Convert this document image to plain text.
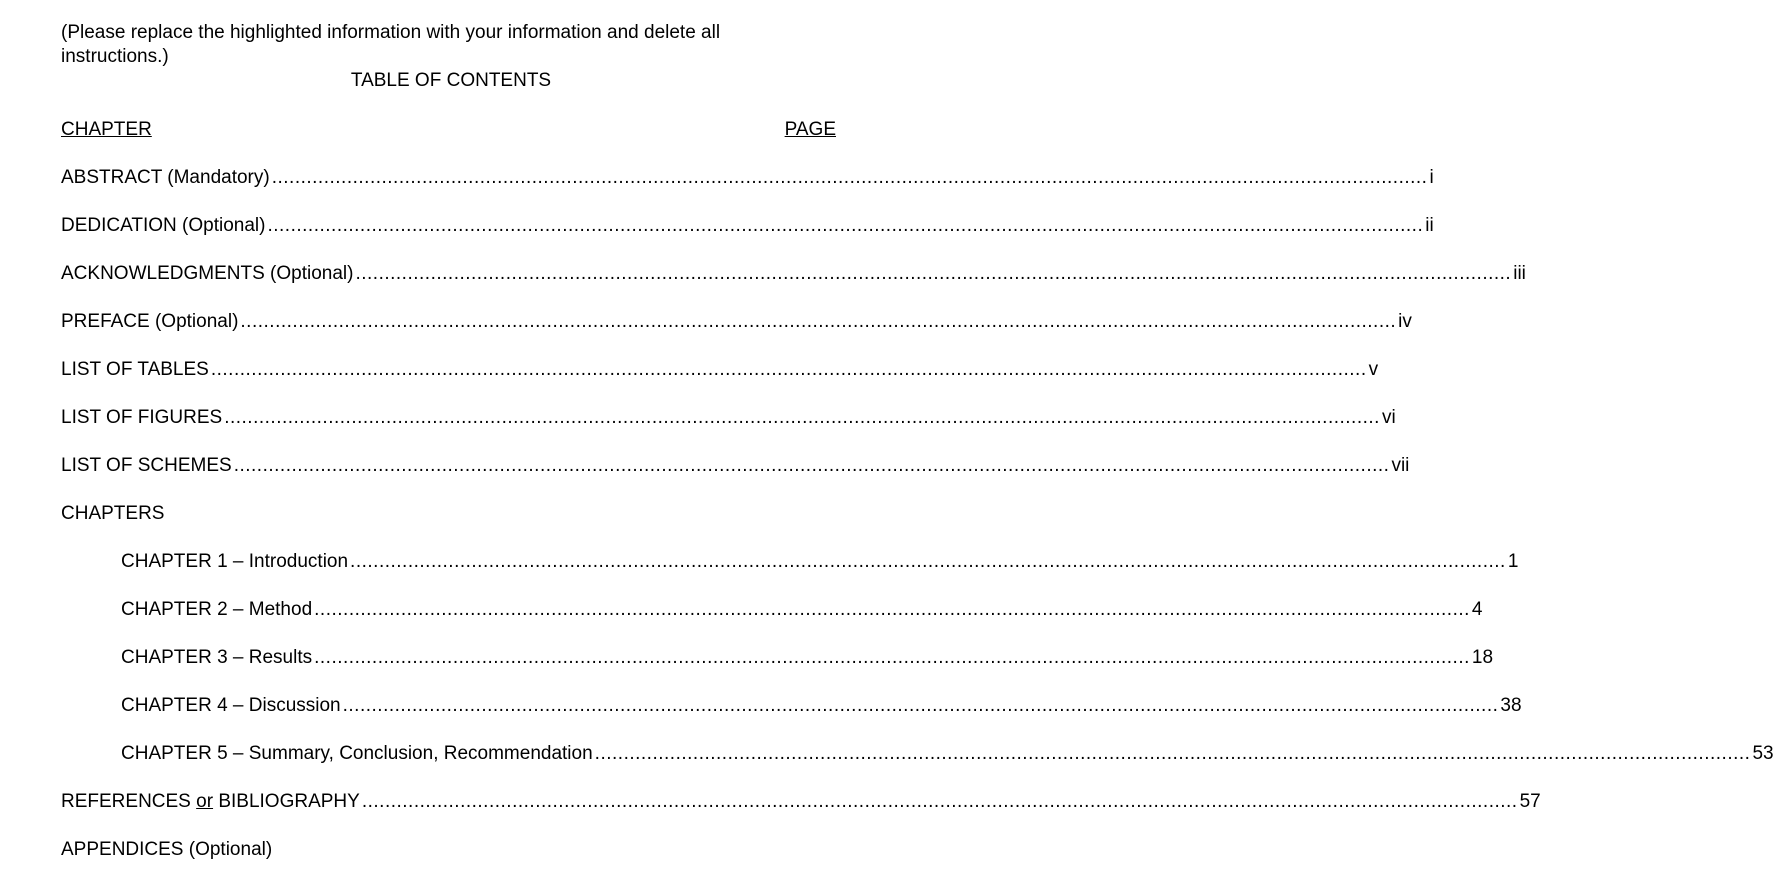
(Please replace the highlighted information with your information and delete all instructions.)
TABLE OF CONTENTS
CHAPTER	PAGE
ABSTRACT (Mandatory) ........................................................................................................................................................................................................ i
DEDICATION (Optional) ........................................................................................................................................................................................................ ii
ACKNOWLEDGMENTS (Optional) ........................................................................................................................................................................................................ iii
PREFACE (Optional) ........................................................................................................................................................................................................ iv
LIST OF TABLES ........................................................................................................................................................................................................ v
LIST OF FIGURES ........................................................................................................................................................................................................ vi
LIST OF SCHEMES ........................................................................................................................................................................................................ vii
CHAPTERS
CHAPTER 1 – Introduction ........................................................................................................................................................................................................ 1
CHAPTER 2 – Method ........................................................................................................................................................................................................ 4
CHAPTER 3 – Results ........................................................................................................................................................................................................ 18
CHAPTER 4 – Discussion ........................................................................................................................................................................................................ 38
CHAPTER 5 – Summary, Conclusion, Recommendation ........................................................................................................................................................................................................ 53
REFERENCES or BIBLIOGRAPHY ........................................................................................................................................................................................................ 57
APPENDICES (Optional)
